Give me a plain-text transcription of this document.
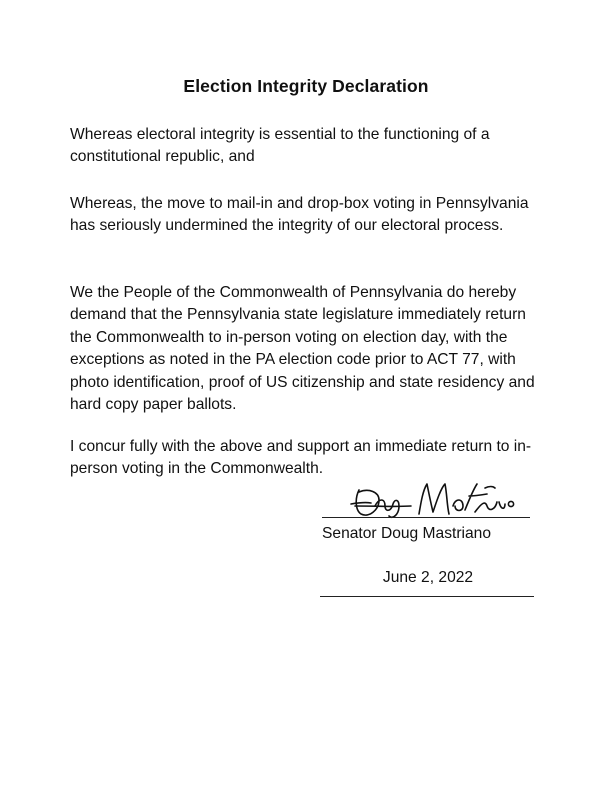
Election Integrity Declaration

Whereas electoral integrity is essential to the functioning of a constitutional republic, and

Whereas, the move to mail-in and drop-box voting in Pennsylvania has seriously undermined the integrity of our electoral process.

We the People of the Commonwealth of Pennsylvania do hereby demand that the Pennsylvania state legislature immediately return the Commonwealth to in-person voting on election day, with the exceptions as noted in the PA election code prior to ACT 77, with photo identification, proof of US citizenship and state residency and hard copy paper ballots.

I concur fully with the above and support an immediate return to in-person voting in the Commonwealth.

Senator Doug Mastriano
June 2, 2022
